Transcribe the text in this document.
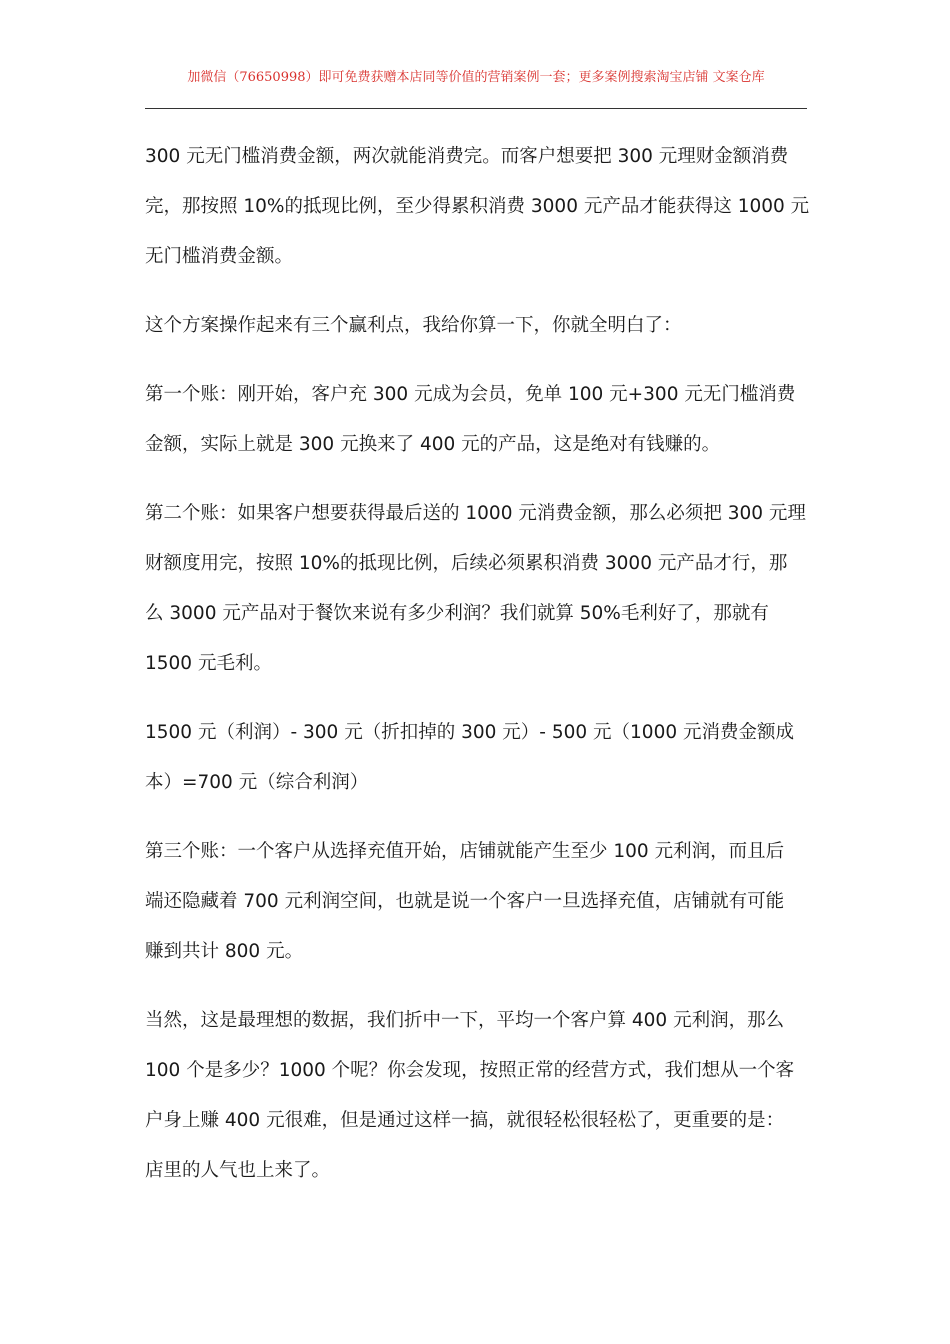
加微信（76650998）即可免费获赠本店同等价值的营销案例一套；更多案例搜索淘宝店铺 文案仓库

300 元无门槛消费金额，两次就能消费完。而客户想要把 300 元理财金额消费
完，那按照 10%的抵现比例，至少得累积消费 3000 元产品才能获得这 1000 元
无门槛消费金额。

这个方案操作起来有三个赢利点，我给你算一下，你就全明白了：

第一个账：刚开始，客户充 300 元成为会员，免单 100 元+300 元无门槛消费
金额，实际上就是 300 元换来了 400 元的产品，这是绝对有钱赚的。

第二个账：如果客户想要获得最后送的 1000 元消费金额，那么必须把 300 元理
财额度用完，按照 10%的抵现比例，后续必须累积消费 3000 元产品才行，那
么 3000 元产品对于餐饮来说有多少利润？我们就算 50%毛利好了，那就有
1500 元毛利。

1500 元（利润）- 300 元（折扣掉的 300 元）- 500 元（1000 元消费金额成
本）=700 元（综合利润）

第三个账：一个客户从选择充值开始，店铺就能产生至少 100 元利润，而且后
端还隐藏着 700 元利润空间，也就是说一个客户一旦选择充值，店铺就有可能
赚到共计 800 元。

当然，这是最理想的数据，我们折中一下，平均一个客户算 400 元利润，那么
100 个是多少？1000 个呢？你会发现，按照正常的经营方式，我们想从一个客
户身上赚 400 元很难，但是通过这样一搞，就很轻松很轻松了，更重要的是：
店里的人气也上来了。
